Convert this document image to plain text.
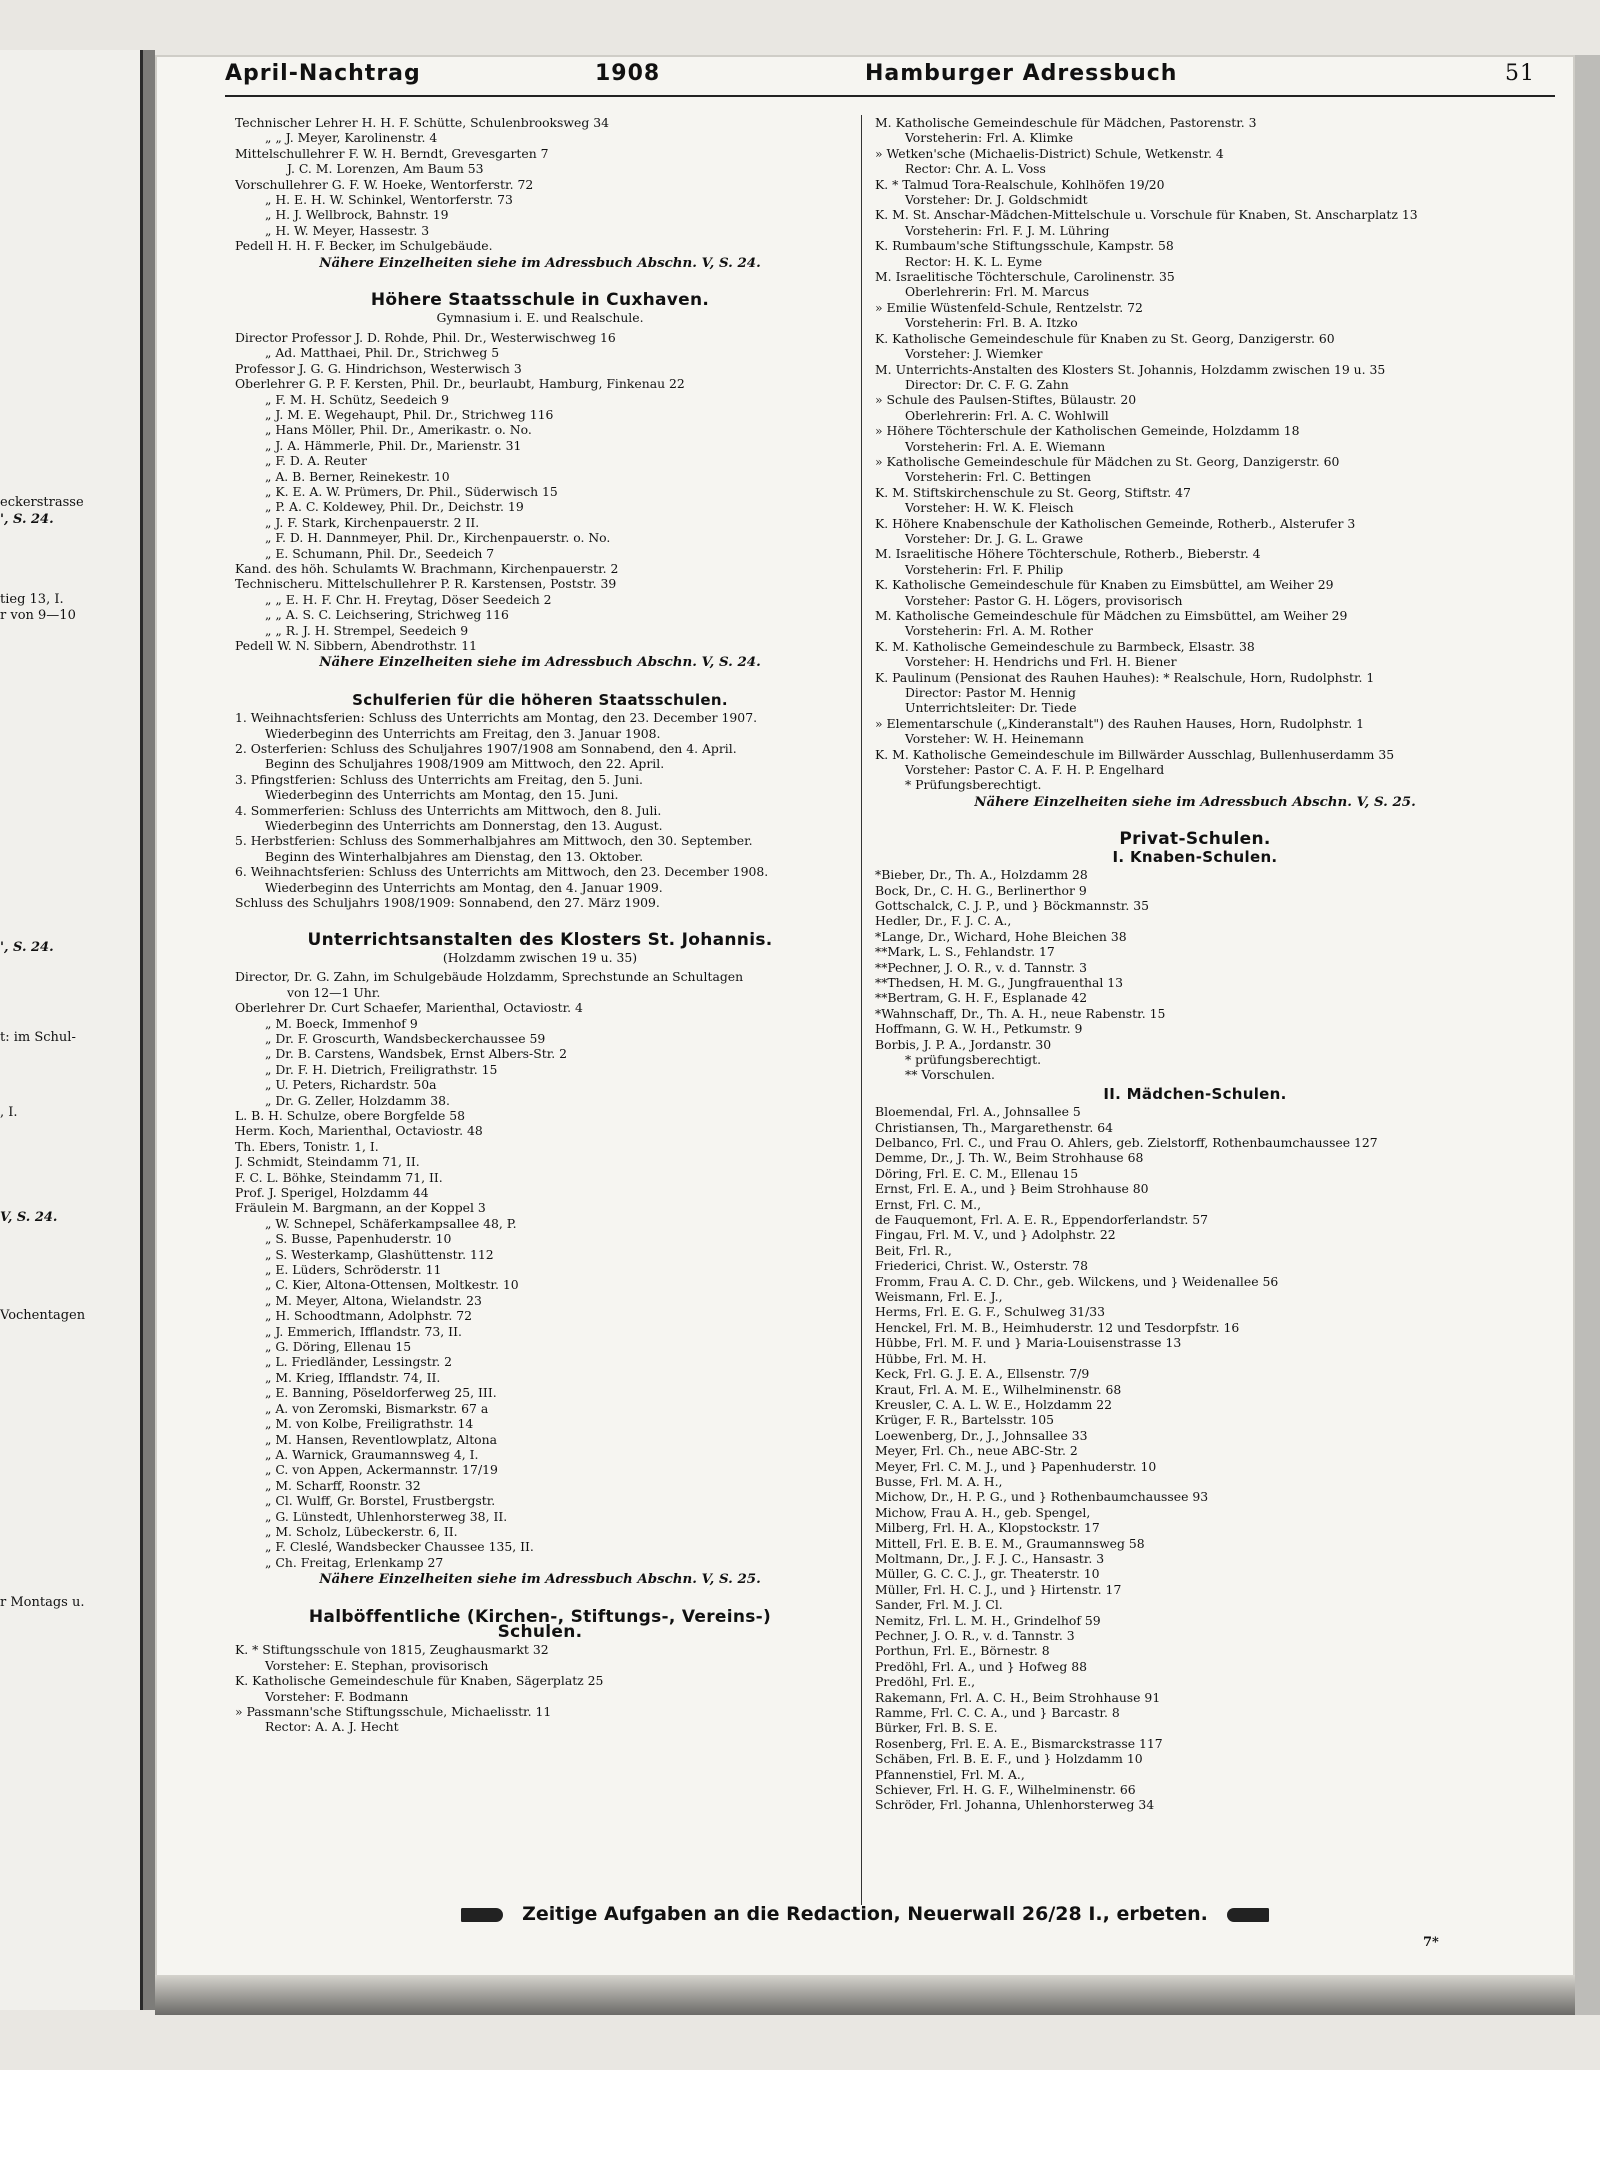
eckerstrasse
', S. 24.
tieg 13, I.
r von 9—10
', S. 24.
t: im Schul-
, I.
V, S. 24.
Vochentagen
r Montags u.
April-Nachtrag	1908	Hamburger Adressbuch	51
Technischer Lehrer H. H. F. Schütte, Schulenbrooksweg 34
„ „ J. Meyer, Karolinenstr. 4
Mittelschullehrer F. W. H. Berndt, Grevesgarten 7
J. C. M. Lorenzen, Am Baum 53
Vorschullehrer G. F. W. Hoeke, Wentorferstr. 72
„ H. E. H. W. Schinkel, Wentorferstr. 73
„ H. J. Wellbrock, Bahnstr. 19
„ H. W. Meyer, Hassestr. 3
Pedell H. H. F. Becker, im Schulgebäude.
Nähere Einzelheiten siehe im Adressbuch Abschn. V, S. 24.
Höhere Staatsschule in Cuxhaven.
Gymnasium i. E. und Realschule.
Director Professor J. D. Rohde, Phil. Dr., Westerwischweg 16
„ Ad. Matthaei, Phil. Dr., Strichweg 5
Professor J. G. G. Hindrichson, Westerwisch 3
Oberlehrer G. P. F. Kersten, Phil. Dr., beurlaubt, Hamburg, Finkenau 22
„ F. M. H. Schütz, Seedeich 9
„ J. M. E. Wegehaupt, Phil. Dr., Strichweg 116
„ Hans Möller, Phil. Dr., Amerikastr. o. No.
„ J. A. Hämmerle, Phil. Dr., Marienstr. 31
„ F. D. A. Reuter
„ A. B. Berner, Reinekestr. 10
„ K. E. A. W. Prümers, Dr. Phil., Süderwisch 15
„ P. A. C. Koldewey, Phil. Dr., Deichstr. 19
„ J. F. Stark, Kirchenpauerstr. 2 II.
„ F. D. H. Dannmeyer, Phil. Dr., Kirchenpauerstr. o. No.
„ E. Schumann, Phil. Dr., Seedeich 7
Kand. des höh. Schulamts W. Brachmann, Kirchenpauerstr. 2
Technischeru. Mittelschullehrer P. R. Karstensen, Poststr. 39
„ „ E. H. F. Chr. H. Freytag, Döser Seedeich 2
„ „ A. S. C. Leichsering, Strichweg 116
„ „ R. J. H. Strempel, Seedeich 9
Pedell W. N. Sibbern, Abendrothstr. 11
Nähere Einzelheiten siehe im Adressbuch Abschn. V, S. 24.
Schulferien für die höheren Staatsschulen.
1. Weihnachtsferien: Schluss des Unterrichts am Montag, den 23. December 1907.
Wiederbeginn des Unterrichts am Freitag, den 3. Januar 1908.
2. Osterferien: Schluss des Schuljahres 1907/1908 am Sonnabend, den 4. April.
Beginn des Schuljahres 1908/1909 am Mittwoch, den 22. April.
3. Pfingstferien: Schluss des Unterrichts am Freitag, den 5. Juni.
Wiederbeginn des Unterrichts am Montag, den 15. Juni.
4. Sommerferien: Schluss des Unterrichts am Mittwoch, den 8. Juli.
Wiederbeginn des Unterrichts am Donnerstag, den 13. August.
5. Herbstferien: Schluss des Sommerhalbjahres am Mittwoch, den 30. September.
Beginn des Winterhalbjahres am Dienstag, den 13. Oktober.
6. Weihnachtsferien: Schluss des Unterrichts am Mittwoch, den 23. December 1908.
Wiederbeginn des Unterrichts am Montag, den 4. Januar 1909.
Schluss des Schuljahrs 1908/1909: Sonnabend, den 27. März 1909.
Unterrichtsanstalten des Klosters St. Johannis.
(Holzdamm zwischen 19 u. 35)
Director, Dr. G. Zahn, im Schulgebäude Holzdamm, Sprechstunde an Schultagen
von 12—1 Uhr.
Oberlehrer Dr. Curt Schaefer, Marienthal, Octaviostr. 4
„ M. Boeck, Immenhof 9
„ Dr. F. Groscurth, Wandsbeckerchaussee 59
„ Dr. B. Carstens, Wandsbek, Ernst Albers-Str. 2
„ Dr. F. H. Dietrich, Freiligrathstr. 15
„ U. Peters, Richardstr. 50a
„ Dr. G. Zeller, Holzdamm 38.
L. B. H. Schulze, obere Borgfelde 58
Herm. Koch, Marienthal, Octaviostr. 48
Th. Ebers, Tonistr. 1, I.
J. Schmidt, Steindamm 71, II.
F. C. L. Böhke, Steindamm 71, II.
Prof. J. Sperigel, Holzdamm 44
Fräulein M. Bargmann, an der Koppel 3
„ W. Schnepel, Schäferkampsallee 48, P.
„ S. Busse, Papenhuderstr. 10
„ S. Westerkamp, Glashüttenstr. 112
„ E. Lüders, Schröderstr. 11
„ C. Kier, Altona-Ottensen, Moltkestr. 10
„ M. Meyer, Altona, Wielandstr. 23
„ H. Schoodtmann, Adolphstr. 72
„ J. Emmerich, Ifflandstr. 73, II.
„ G. Döring, Ellenau 15
„ L. Friedländer, Lessingstr. 2
„ M. Krieg, Ifflandstr. 74, II.
„ E. Banning, Pöseldorferweg 25, III.
„ A. von Zeromski, Bismarkstr. 67 a
„ M. von Kolbe, Freiligrathstr. 14
„ M. Hansen, Reventlowplatz, Altona
„ A. Warnick, Graumannsweg 4, I.
„ C. von Appen, Ackermannstr. 17/19
„ M. Scharff, Roonstr. 32
„ Cl. Wulff, Gr. Borstel, Frustbergstr.
„ G. Lünstedt, Uhlenhorsterweg 38, II.
„ M. Scholz, Lübeckerstr. 6, II.
„ F. Cleslé, Wandsbecker Chaussee 135, II.
„ Ch. Freitag, Erlenkamp 27
Nähere Einzelheiten siehe im Adressbuch Abschn. V, S. 25.
Halböffentliche (Kirchen-, Stiftungs-, Vereins-) Schulen.
K. * Stiftungsschule von 1815, Zeughausmarkt 32
Vorsteher: E. Stephan, provisorisch
K. Katholische Gemeindeschule für Knaben, Sägerplatz 25
Vorsteher: F. Bodmann
» Passmann'sche Stiftungsschule, Michaelisstr. 11
Rector: A. A. J. Hecht
M. Katholische Gemeindeschule für Mädchen, Pastorenstr. 3
Vorsteherin: Frl. A. Klimke
» Wetken'sche (Michaelis-District) Schule, Wetkenstr. 4
Rector: Chr. A. L. Voss
K. * Talmud Tora-Realschule, Kohlhöfen 19/20
Vorsteher: Dr. J. Goldschmidt
K. M. St. Anschar-Mädchen-Mittelschule u. Vorschule für Knaben, St. Anscharplatz 13
Vorsteherin: Frl. F. J. M. Lühring
K. Rumbaum'sche Stiftungsschule, Kampstr. 58
Rector: H. K. L. Eyme
M. Israelitische Töchterschule, Carolinenstr. 35
Oberlehrerin: Frl. M. Marcus
» Emilie Wüstenfeld-Schule, Rentzelstr. 72
Vorsteherin: Frl. B. A. Itzko
K. Katholische Gemeindeschule für Knaben zu St. Georg, Danzigerstr. 60
Vorsteher: J. Wiemker
M. Unterrichts-Anstalten des Klosters St. Johannis, Holzdamm zwischen 19 u. 35
Director: Dr. C. F. G. Zahn
» Schule des Paulsen-Stiftes, Bülaustr. 20
Oberlehrerin: Frl. A. C. Wohlwill
» Höhere Töchterschule der Katholischen Gemeinde, Holzdamm 18
Vorsteherin: Frl. A. E. Wiemann
» Katholische Gemeindeschule für Mädchen zu St. Georg, Danzigerstr. 60
Vorsteherin: Frl. C. Bettingen
K. M. Stiftskirchenschule zu St. Georg, Stiftstr. 47
Vorsteher: H. W. K. Fleisch
K. Höhere Knabenschule der Katholischen Gemeinde, Rotherb., Alsterufer 3
Vorsteher: Dr. J. G. L. Grawe
M. Israelitische Höhere Töchterschule, Rotherb., Bieberstr. 4
Vorsteherin: Frl. F. Philip
K. Katholische Gemeindeschule für Knaben zu Eimsbüttel, am Weiher 29
Vorsteher: Pastor G. H. Lögers, provisorisch
M. Katholische Gemeindeschule für Mädchen zu Eimsbüttel, am Weiher 29
Vorsteherin: Frl. A. M. Rother
K. M. Katholische Gemeindeschule zu Barmbeck, Elsastr. 38
Vorsteher: H. Hendrichs und Frl. H. Biener
K. Paulinum (Pensionat des Rauhen Hauhes): * Realschule, Horn, Rudolphstr. 1
Director: Pastor M. Hennig
Unterrichtsleiter: Dr. Tiede
» Elementarschule („Kinderanstalt") des Rauhen Hauses, Horn, Rudolphstr. 1
Vorsteher: W. H. Heinemann
K. M. Katholische Gemeindeschule im Billwärder Ausschlag, Bullenhuserdamm 35
Vorsteher: Pastor C. A. F. H. P. Engelhard
* Prüfungsberechtigt.
Nähere Einzelheiten siehe im Adressbuch Abschn. V, S. 25.
Privat-Schulen.
I. Knaben-Schulen.
*Bieber, Dr., Th. A., Holzdamm 28
Bock, Dr., C. H. G., Berlinerthor 9
Gottschalck, C. J. P., und } Böckmannstr. 35
Hedler, Dr., F. J. C. A.,
*Lange, Dr., Wichard, Hohe Bleichen 38
**Mark, L. S., Fehlandstr. 17
**Pechner, J. O. R., v. d. Tannstr. 3
**Thedsen, H. M. G., Jungfrauenthal 13
**Bertram, G. H. F., Esplanade 42
*Wahnschaff, Dr., Th. A. H., neue Rabenstr. 15
Hoffmann, G. W. H., Petkumstr. 9
Borbis, J. P. A., Jordanstr. 30
* prüfungsberechtigt.
** Vorschulen.
II. Mädchen-Schulen.
Bloemendal, Frl. A., Johnsallee 5
Christiansen, Th., Margarethenstr. 64
Delbanco, Frl. C., und Frau O. Ahlers, geb. Zielstorff, Rothenbaumchaussee 127
Demme, Dr., J. Th. W., Beim Strohhause 68
Döring, Frl. E. C. M., Ellenau 15
Ernst, Frl. E. A., und } Beim Strohhause 80
Ernst, Frl. C. M.,
de Fauquemont, Frl. A. E. R., Eppendorferlandstr. 57
Fingau, Frl. M. V., und } Adolphstr. 22
Beit, Frl. R.,
Friederici, Christ. W., Osterstr. 78
Fromm, Frau A. C. D. Chr., geb. Wilckens, und } Weidenallee 56
Weismann, Frl. E. J.,
Herms, Frl. E. G. F., Schulweg 31/33
Henckel, Frl. M. B., Heimhuderstr. 12 und Tesdorpfstr. 16
Hübbe, Frl. M. F. und } Maria-Louisenstrasse 13
Hübbe, Frl. M. H.
Keck, Frl. G. J. E. A., Ellsenstr. 7/9
Kraut, Frl. A. M. E., Wilhelminenstr. 68
Kreusler, C. A. L. W. E., Holzdamm 22
Krüger, F. R., Bartelsstr. 105
Loewenberg, Dr., J., Johnsallee 33
Meyer, Frl. Ch., neue ABC-Str. 2
Meyer, Frl. C. M. J., und } Papenhuderstr. 10
Busse, Frl. M. A. H.,
Michow, Dr., H. P. G., und } Rothenbaumchaussee 93
Michow, Frau A. H., geb. Spengel,
Milberg, Frl. H. A., Klopstockstr. 17
Mittell, Frl. E. B. E. M., Graumannsweg 58
Moltmann, Dr., J. F. J. C., Hansastr. 3
Müller, G. C. C. J., gr. Theaterstr. 10
Müller, Frl. H. C. J., und } Hirtenstr. 17
Sander, Frl. M. J. Cl.
Nemitz, Frl. L. M. H., Grindelhof 59
Pechner, J. O. R., v. d. Tannstr. 3
Porthun, Frl. E., Börnestr. 8
Predöhl, Frl. A., und } Hofweg 88
Predöhl, Frl. E.,
Rakemann, Frl. A. C. H., Beim Strohhause 91
Ramme, Frl. C. C. A., und } Barcastr. 8
Bürker, Frl. B. S. E.
Rosenberg, Frl. E. A. E., Bismarckstrasse 117
Schäben, Frl. B. E. F., und } Holzdamm 10
Pfannenstiel, Frl. M. A.,
Schiever, Frl. H. G. F., Wilhelminenstr. 66
Schröder, Frl. Johanna, Uhlenhorsterweg 34
Zeitige Aufgaben an die Redaction, Neuerwall 26/28 I., erbeten.
7*
